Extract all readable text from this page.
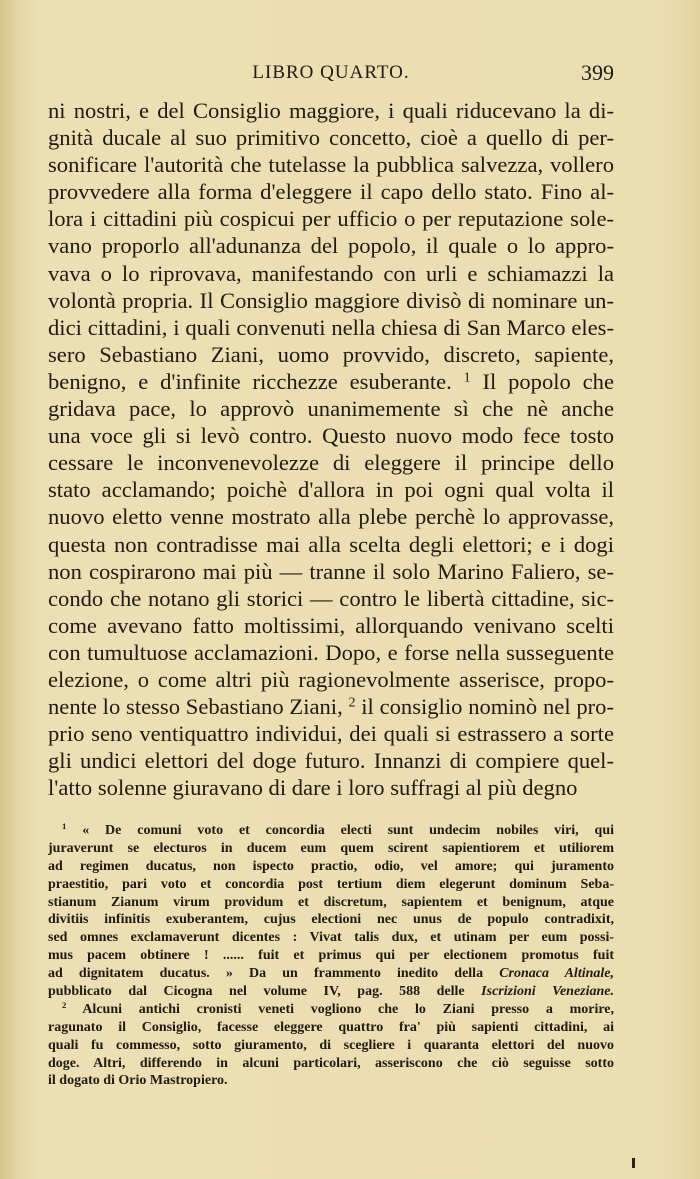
LIBRO QUARTO.	399
ni nostri, e del Consiglio maggiore, i quali riducevano la di-
gnità ducale al suo primitivo concetto, cioè a quello di per-
sonificare l'autorità che tutelasse la pubblica salvezza, vollero
provvedere alla forma d'eleggere il capo dello stato. Fino al-
lora i cittadini più cospicui per ufficio o per reputazione sole-
vano proporlo all'adunanza del popolo, il quale o lo appro-
vava o lo riprovava, manifestando con urli e schiamazzi la
volontà propria. Il Consiglio maggiore divisò di nominare un-
dici cittadini, i quali convenuti nella chiesa di San Marco eles-
sero Sebastiano Ziani, uomo provvido, discreto, sapiente,
benigno, e d'infinite ricchezze esuberante. $^1$ Il popolo che
gridava pace, lo approvò unanimemente sì che nè anche
una voce gli si levò contro. Questo nuovo modo fece tosto
cessare le inconvenevolezze di eleggere il principe dello
stato acclamando; poichè d'allora in poi ogni qual volta il
nuovo eletto venne mostrato alla plebe perchè lo approvasse,
questa non contradisse mai alla scelta degli elettori; e i dogi
non cospirarono mai più — tranne il solo Marino Faliero, se-
condo che notano gli storici — contro le libertà cittadine, sic-
come avevano fatto moltissimi, allorquando venivano scelti
con tumultuose acclamazioni. Dopo, e forse nella susseguente
elezione, o come altri più ragionevolmente asserisce, propo-
nente lo stesso Sebastiano Ziani, $^2$ il consiglio nominò nel pro-
prio seno ventiquattro individui, dei quali si estrassero a sorte
gli undici elettori del doge futuro. Innanzi di compiere quel-
l'atto solenne giuravano di dare i loro suffragi al più degno
$^1$ « De comuni voto et concordia electi sunt undecim nobiles viri, qui
juraverunt se electuros in ducem eum quem scirent sapientiorem et utiliorem
ad regimen ducatus, non ispecto practio, odio, vel amore; qui juramento
praestitio, pari voto et concordia post tertium diem elegerunt dominum Seba-
stianum Zianum virum providum et discretum, sapientem et benignum, atque
divitiis infinitis exuberantem, cujus electioni nec unus de populo contradixit,
sed omnes exclamaverunt dicentes : Vivat talis dux, et utinam per eum possi-
mus pacem obtinere ! ...... fuit et primus qui per electionem promotus fuit
ad dignitatem ducatus. » Da un frammento inedito della Cronaca Altinale,
pubblicato dal Cicogna nel volume IV, pag. 588 delle Iscrizioni Veneziane.
$^2$ Alcuni antichi cronisti veneti vogliono che lo Ziani presso a morire,
ragunato il Consiglio, facesse eleggere quattro fra' più sapienti cittadini, ai
quali fu commesso, sotto giuramento, di scegliere i quaranta elettori del nuovo
doge. Altri, differendo in alcuni particolari, asseriscono che ciò seguisse sotto
il dogato di Orio Mastropiero.
